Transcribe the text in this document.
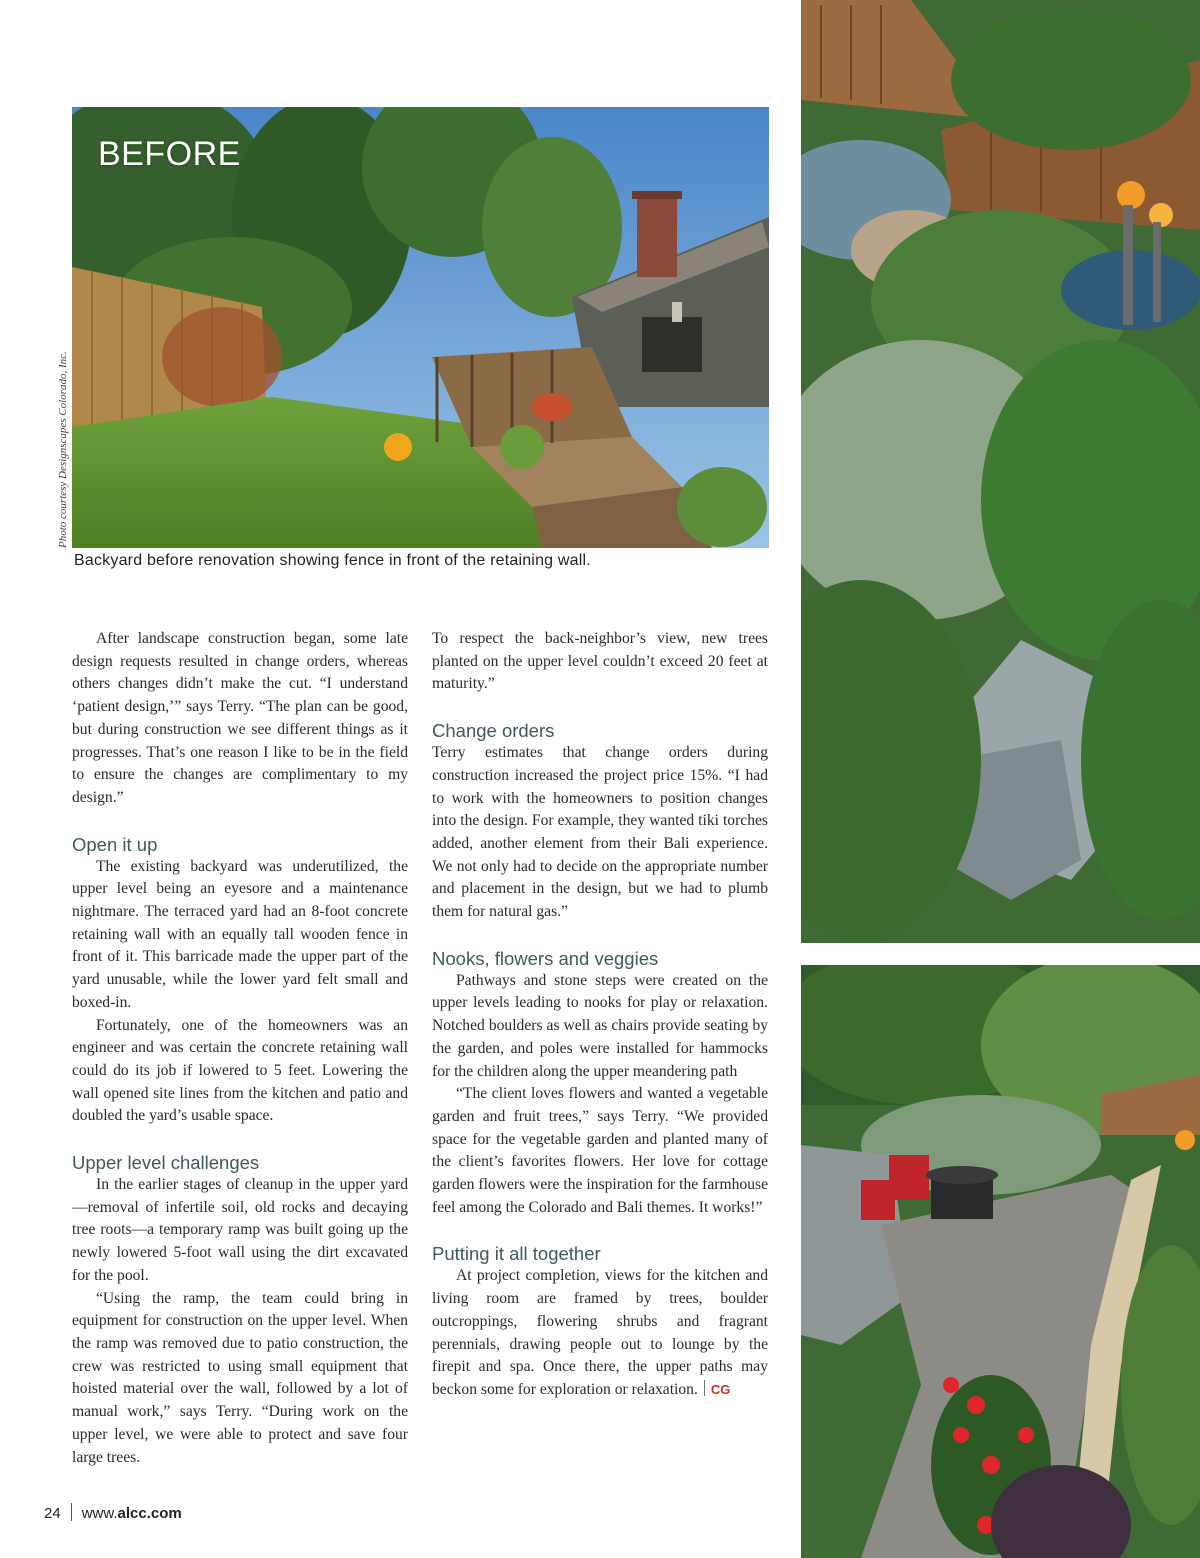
BEFORE
Photo courtesy Designscapes Colorado, Inc.
Backyard before renovation showing fence in front of the retaining wall.

After landscape construction began, some late design requests resulted in change orders, whereas others changes didn’t make the cut. “I understand ‘patient design,’” says Terry. “The plan can be good, but during construction we see different things as it progresses. That’s one reason I like to be in the field to ensure the changes are complimentary to my design.”

Open it up

The existing backyard was underutilized, the upper level being an eyesore and a maintenance nightmare. The terraced yard had an 8-foot concrete retaining wall with an equally tall wooden fence in front of it. This barricade made the upper part of the yard unusable, while the lower yard felt small and boxed-in.

Fortunately, one of the homeowners was an engineer and was certain the concrete retaining wall could do its job if lowered to 5 feet. Lowering the wall opened site lines from the kitchen and patio and doubled the yard’s usable space.

Upper level challenges

In the earlier stages of cleanup in the upper yard—removal of infertile soil, old rocks and decaying tree roots—a temporary ramp was built going up the newly lowered 5-foot wall using the dirt excavated for the pool.

“Using the ramp, the team could bring in equipment for construction on the upper level. When the ramp was removed due to patio construction, the crew was restricted to using small equipment that hoisted material over the wall, followed by a lot of manual work,” says Terry. “During work on the upper level, we were able to protect and save four large trees.

To respect the back-neighbor’s view, new trees planted on the upper level couldn’t exceed 20 feet at maturity.”

Change orders

Terry estimates that change orders during construction increased the project price 15%. “I had to work with the homeowners to position changes into the design. For example, they wanted tiki torches added, another element from their Bali experience. We not only had to decide on the appropriate number and placement in the design, but we had to plumb them for natural gas.”

Nooks, flowers and veggies

Pathways and stone steps were created on the upper levels leading to nooks for play or relaxation. Notched boulders as well as chairs provide seating by the garden, and poles were installed for hammocks for the children along the upper meandering path

“The client loves flowers and wanted a vegetable garden and fruit trees,” says Terry. “We provided space for the vegetable garden and planted many of the client’s favorites flowers. Her love for cottage garden flowers were the inspiration for the farmhouse feel among the Colorado and Bali themes. It works!”

Putting it all together

At project completion, views for the kitchen and living room are framed by trees, boulder outcroppings, flowering shrubs and fragrant perennials, drawing people out to lounge by the firepit and spa. Once there, the upper paths may beckon some for exploration or relaxation. CG

24 www.alcc.com
